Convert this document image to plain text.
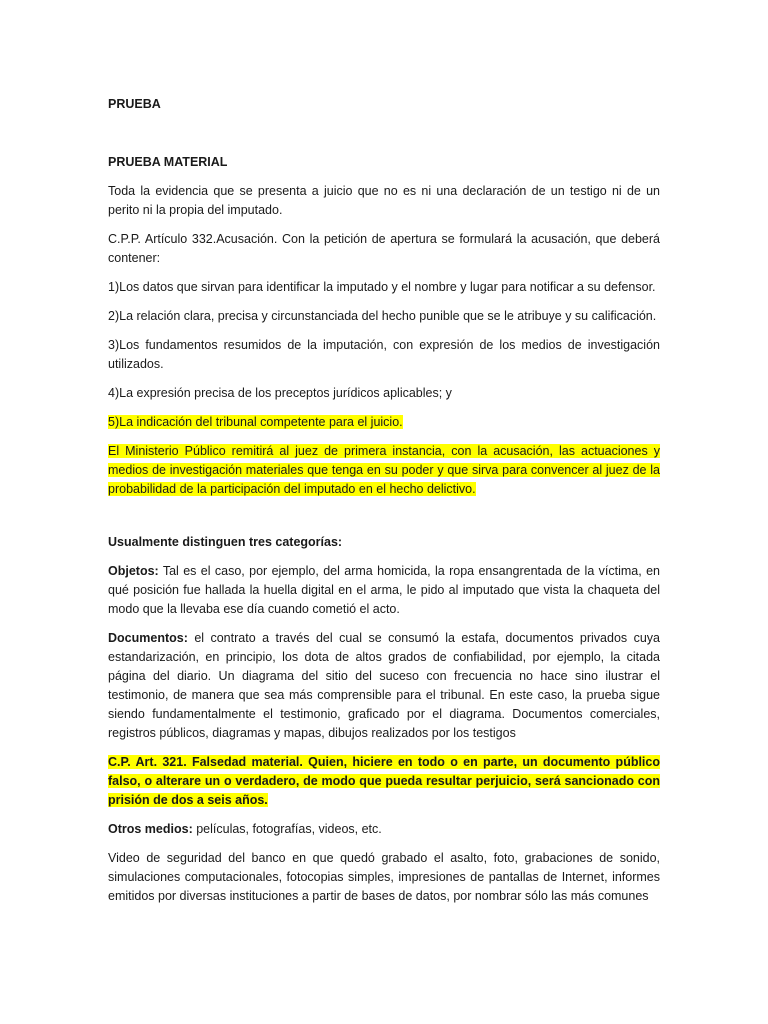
PRUEBA
PRUEBA MATERIAL

Toda la evidencia que se presenta a juicio que no es ni una declaración de un testigo ni de un perito ni la propia del imputado.

C.P.P. Artículo 332.Acusación. Con la petición de apertura se formulará la acusación, que deberá contener:

1)Los datos que sirvan para identificar la imputado y el nombre y lugar para notificar a su defensor.

2)La relación clara, precisa y circunstanciada del hecho punible que se le atribuye y su calificación.

3)Los fundamentos resumidos de la imputación, con expresión de los medios de investigación utilizados.

4)La expresión precisa de los preceptos jurídicos aplicables; y

5)La indicación del tribunal competente para el juicio.

El Ministerio Público remitirá al juez de primera instancia, con la acusación, las actuaciones y medios de investigación materiales que tenga en su poder y que sirva para convencer al juez de la probabilidad de la participación del imputado en el hecho delictivo.

Usualmente distinguen tres categorías:

Objetos: Tal es el caso, por ejemplo, del arma homicida, la ropa ensangrentada de la víctima, en qué posición fue hallada la huella digital en el arma, le pido al imputado que vista la chaqueta del modo que la llevaba ese día cuando cometió el acto.

Documentos: el contrato a través del cual se consumó la estafa, documentos privados cuya estandarización, en principio, los dota de altos grados de confiabilidad, por ejemplo, la citada página del diario. Un diagrama del sitio del suceso con frecuencia no hace sino ilustrar el testimonio, de manera que sea más comprensible para el tribunal. En este caso, la prueba sigue siendo fundamentalmente el testimonio, graficado por el diagrama. Documentos comerciales, registros públicos, diagramas y mapas, dibujos realizados por los testigos

C.P. Art. 321. Falsedad material. Quien, hiciere en todo o en parte, un documento público falso, o alterare un o verdadero, de modo que pueda resultar perjuicio, será sancionado con prisión de dos a seis años.

Otros medios: películas, fotografías, videos, etc.

Video de seguridad del banco en que quedó grabado el asalto, foto, grabaciones de sonido, simulaciones computacionales, fotocopias simples, impresiones de pantallas de Internet, informes emitidos por diversas instituciones a partir de bases de datos, por nombrar sólo las más comunes
